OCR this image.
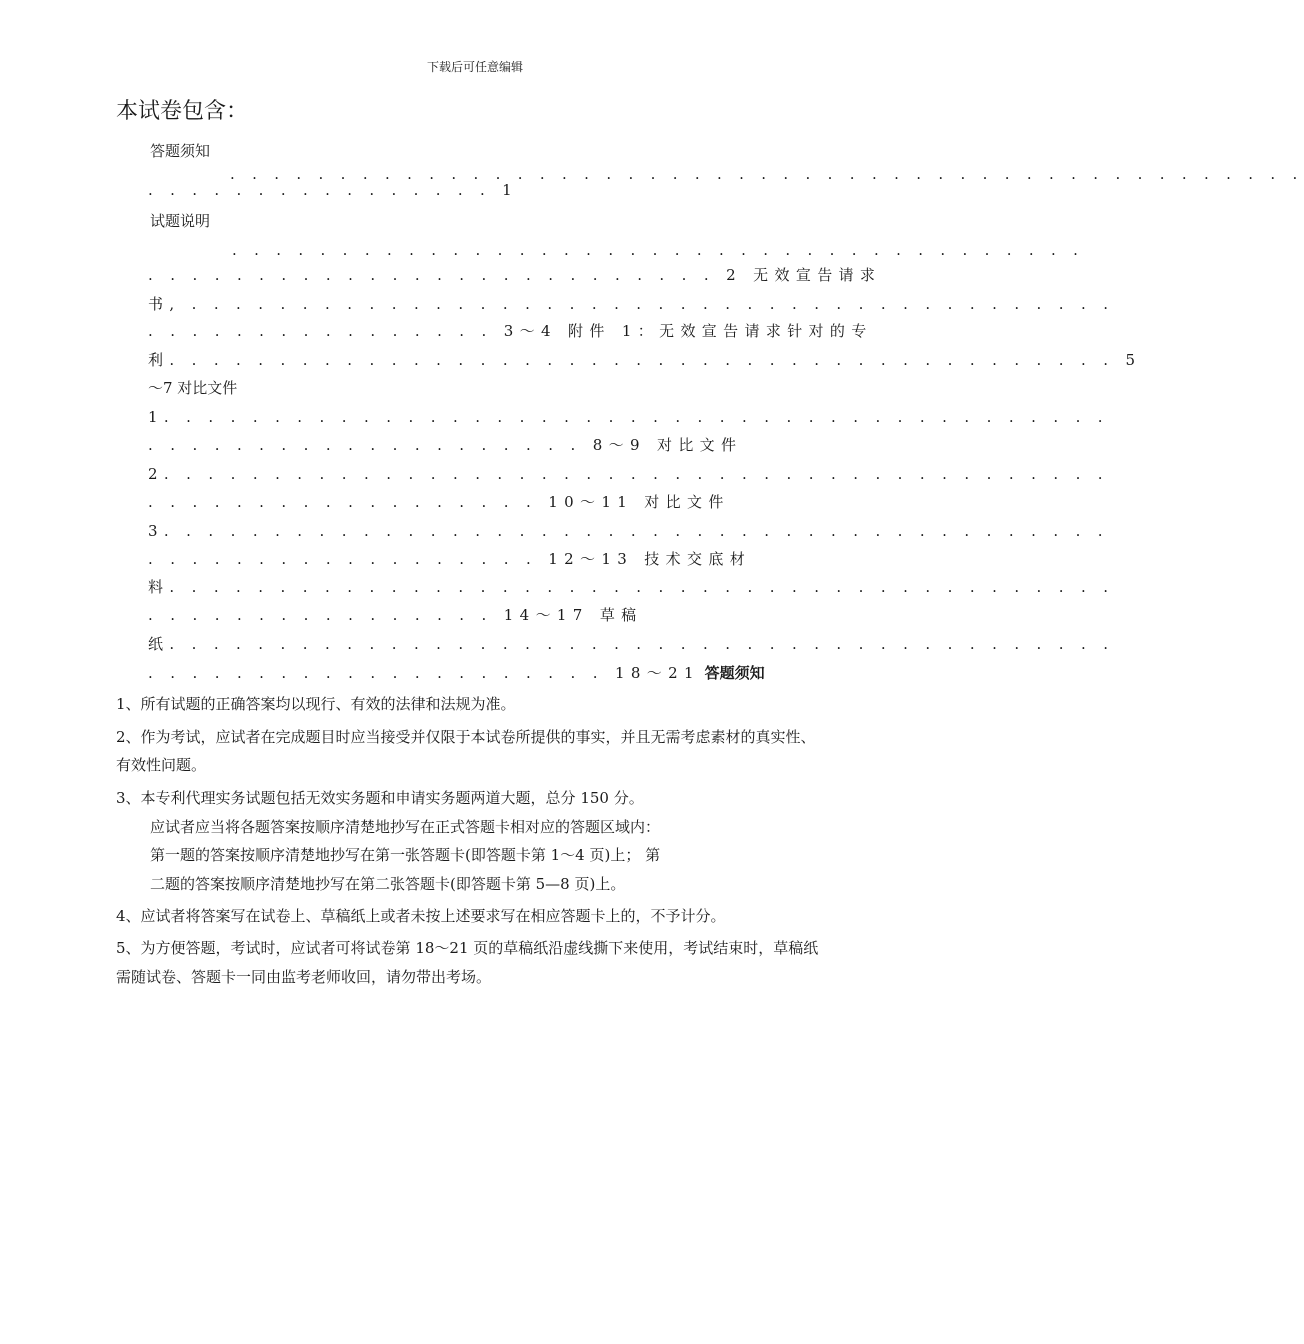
下载后可任意编辑
本试卷包含：
答题须知
. . . . . . . . . . . . . . . . . . . . . . . . . . . . . . . . . . . . . . . . . . . . . . . . .
. . . . . . . . . . . . . . . . 1
试题说明
. . . . . . . . . . . . . . . . . . . . . . . . . . . . . . . . . . . . . . .
. . . . . . . . . . . . . . . . . . . . . . . . . . 2 无效宣告请求
书, . . . . . . . . . . . . . . . . . . . . . . . . . . . . . . . . . . . . . . . . . .
. . . . . . . . . . . . . . . . 3～4 附件 1：无效宣告请求针对的专
利. . . . . . . . . . . . . . . . . . . . . . . . . . . . . . . . . . . . . . . . . . . 5
～7 对比文件
1. . . . . . . . . . . . . . . . . . . . . . . . . . . . . . . . . . . . . . . . . . .
. . . . . . . . . . . . . . . . . . . . 8～9 对比文件
2. . . . . . . . . . . . . . . . . . . . . . . . . . . . . . . . . . . . . . . . . . .
. . . . . . . . . . . . . . . . . . 10～11 对比文件
3. . . . . . . . . . . . . . . . . . . . . . . . . . . . . . . . . . . . . . . . . . .
. . . . . . . . . . . . . . . . . . 12～13 技术交底材
料. . . . . . . . . . . . . . . . . . . . . . . . . . . . . . . . . . . . . . . . . . .
. . . . . . . . . . . . . . . . 14～17 草稿
纸. . . . . . . . . . . . . . . . . . . . . . . . . . . . . . . . . . . . . . . . . . .
. . . . . . . . . . . . . . . . . . . . . 18～21 答题须知
1、所有试题的正确答案均以现行、有效的法律和法规为准。
2、作为考试，应试者在完成题目时应当接受并仅限于本试卷所提供的事实，并且无需考虑素材的真实性、
有效性问题。
3、本专利代理实务试题包括无效实务题和申请实务题两道大题，总分 150 分。
应试者应当将各题答案按顺序清楚地抄写在正式答题卡相对应的答题区域内：
第一题的答案按顺序清楚地抄写在第一张答题卡(即答题卡第 1～4 页)上； 第
二题的答案按顺序清楚地抄写在第二张答题卡(即答题卡第 5—8 页)上。
4、应试者将答案写在试卷上、草稿纸上或者未按上述要求写在相应答题卡上的，不予计分。
5、为方便答题，考试时，应试者可将试卷第 18～21 页的草稿纸沿虚线撕下来使用，考试结束时，草稿纸
需随试卷、答题卡一同由监考老师收回，请勿带出考场。
